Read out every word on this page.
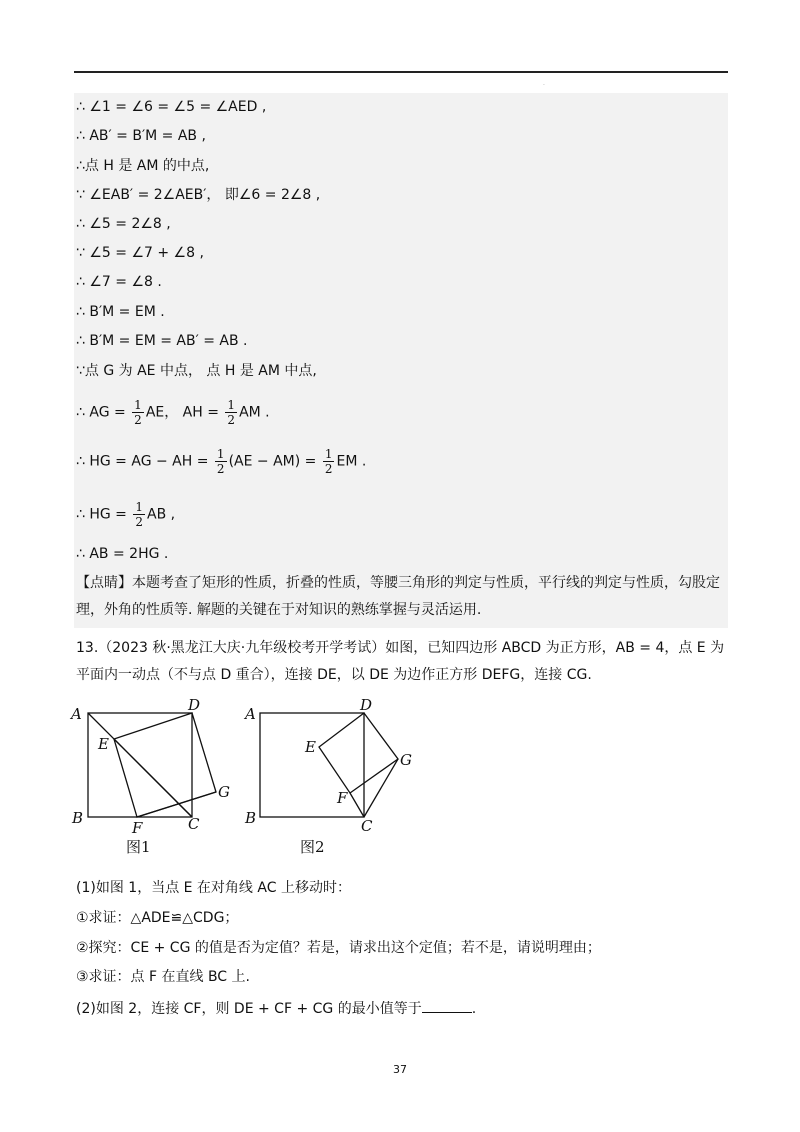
·
∴ ∠1 = ∠6 = ∠5 = ∠AED ,
∴ AB′ = B′M = AB ,
∴点 H 是 AM 的中点,
∵ ∠EAB′ = 2∠AEB′， 即∠6 = 2∠8 ,
∴ ∠5 = 2∠8 ,
∵ ∠5 = ∠7 + ∠8 ,
∴ ∠7 = ∠8 .
∴ B′M = EM .
∴ B′M = EM = AB′ = AB .
∵点 G 为 AE 中点， 点 H 是 AM 中点,
∴ AG = $\frac{1}{2}$ AE， AH = $\frac{1}{2}$ AM .
∴ HG = AG − AH = $\frac{1}{2} (AE - AM) = \frac{1}{2}$ EM .
∴ HG = $\frac{1}{2}$ AB ,
∴ AB = 2HG .
【点睛】本题考查了矩形的性质，折叠的性质，等腰三角形的判定与性质，平行线的判定与性质，勾股定理，外角的性质等. 解题的关键在于对知识的熟练掌握与灵活运用.
13.（2023 秋·黑龙江大庆·九年级校考开学考试）如图，已知四边形 ABCD 为正方形，AB = 4，点 E 为平面内一动点（不与点 D 重合），连接 DE，以 DE 为边作正方形 DEFG，连接 CG.
A	D
E
G
B
F	C
图1
A	D
E
G
F
B	C
图2
(1)如图 1，当点 E 在对角线 AC 上移动时：
①求证：△ADE≌△CDG；
②探究：CE + CG 的值是否为定值？若是，请求出这个定值；若不是，请说明理由；
③求证：点 F 在直线 BC 上.
(2)如图 2，连接 CF，则 DE + CF + CG 的最小值等于	.
37
